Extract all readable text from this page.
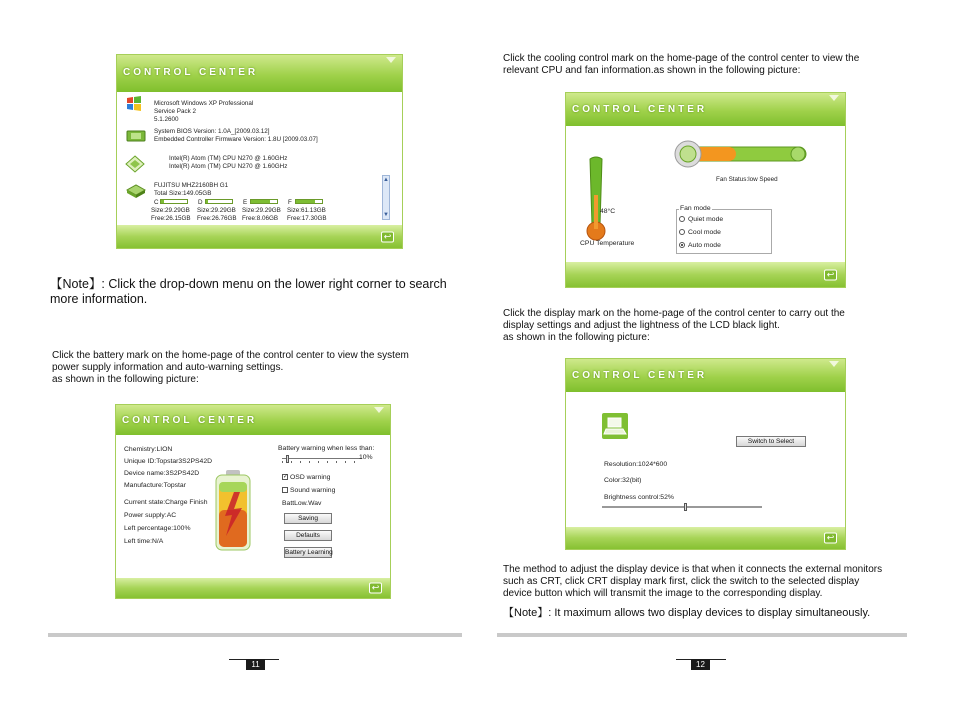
CONTROL CENTER
Microsoft Windows XP Professional
Service Pack 2
5.1.2600
System BIOS Version: 1.0A_[2009.03.12]
Embedded Controller Firmware Version: 1.8U [2009.03.07]
Intel(R) Atom (TM) CPU N270 @ 1.60GHz
Intel(R) Atom (TM) CPU N270 @ 1.60GHz
FUJITSU MHZ2160BH G1
Total Size:149.05GB
C
Size:29.29GB
Free:26.15GB
D
Size:29.29GB
Free:26.76GB
E
Size:29.29GB
Free:8.06GB
F
Size:61.13GB
Free:17.30GB
▲
▼
↩
【Note】: Click the drop-down menu on the lower right corner to search more information.
Click the battery mark on the home-page of the control center to view the system
power supply information and auto-warning settings.
as shown in the following picture:
CONTROL CENTER
Chemistry:LION
Unique ID:Topstar3S2PS42D
Device name:3S2PS42D
Manufacture:Topstar
Current state:Charge Finish
Power supply:AC
Left percentage:100%
Left time:N/A
Battery warning when less than:
10%
✓ OSD warning
Sound warning
BattLow.Wav
Saving
Defaults
Battery Learning
↩
11
Click the cooling control mark on the home-page of the control center to view the
relevant CPU and fan information.as shown in the following picture:
CONTROL CENTER
48°C
CPU Temperature
Fan Status:low Speed
Fan mode
Quiet mode
Cool mode
Auto mode
↩
Click the display mark on the home-page of the control center to carry out the
display settings and adjust the lightness of the LCD black light.
as shown in the following picture:
CONTROL CENTER
Switch to Select
Resolution:1024*600
Color:32(bit)
Brightness control:52%
↩
The method to adjust the display device is that when it connects the external monitors
such as CRT, click CRT display mark first, click the switch to the selected display
device button which will transmit the image to the corresponding display.
【Note】: It maximum allows two display devices to display simultaneously.
12
